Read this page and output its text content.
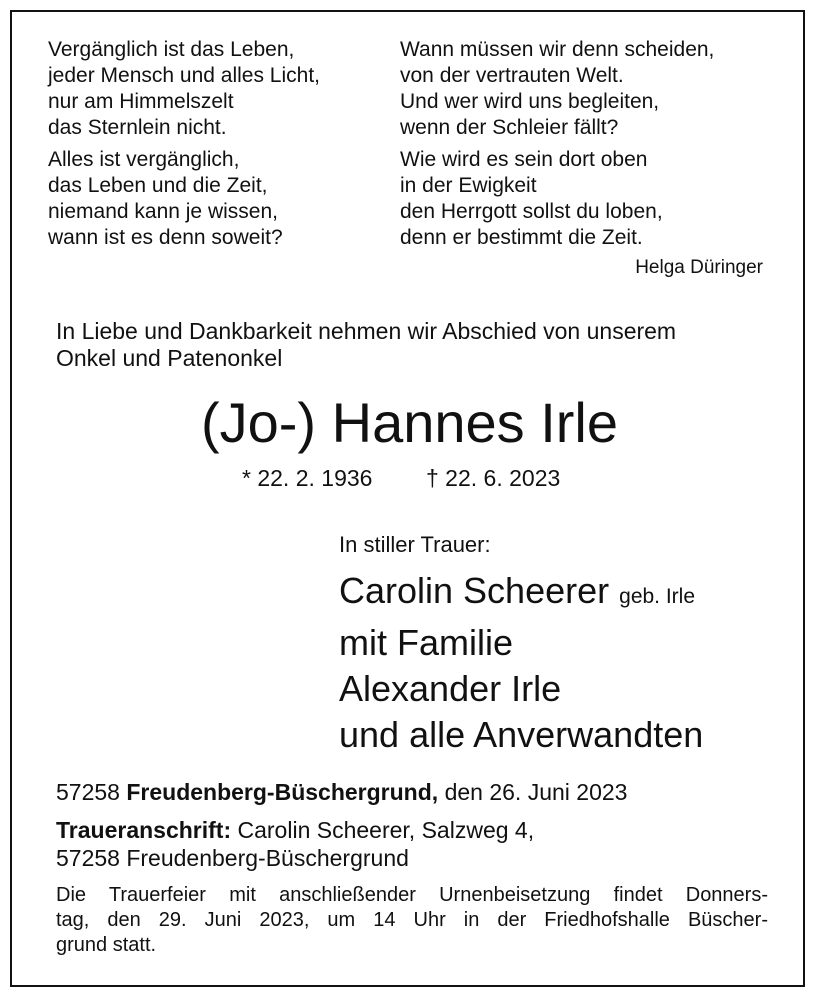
Vergänglich ist das Leben,
jeder Mensch und alles Licht,
nur am Himmelszelt
das Sternlein nicht.
Alles ist vergänglich,
das Leben und die Zeit,
niemand kann je wissen,
wann ist es denn soweit?
Wann müssen wir denn scheiden,
von der vertrauten Welt.
Und wer wird uns begleiten,
wenn der Schleier fällt?
Wie wird es sein dort oben
in der Ewigkeit
den Herrgott sollst du loben,
denn er bestimmt die Zeit.
Helga Düringer
In Liebe und Dankbarkeit nehmen wir Abschied von unserem
Onkel und Patenonkel
(Jo-) Hannes Irle
* 22. 2. 1936 † 22. 6. 2023
In stiller Trauer:
Carolin Scheerer geb. Irle
mit Familie
Alexander Irle
und alle Anverwandten
57258 Freudenberg-Büschergrund, den 26. Juni 2023
Traueranschrift: Carolin Scheerer, Salzweg 4,
57258 Freudenberg-Büschergrund
Die Trauerfeier mit anschließender Urnenbeisetzung findet Donners-
tag, den 29. Juni 2023, um 14 Uhr in der Friedhofshalle Büscher-
grund statt.
